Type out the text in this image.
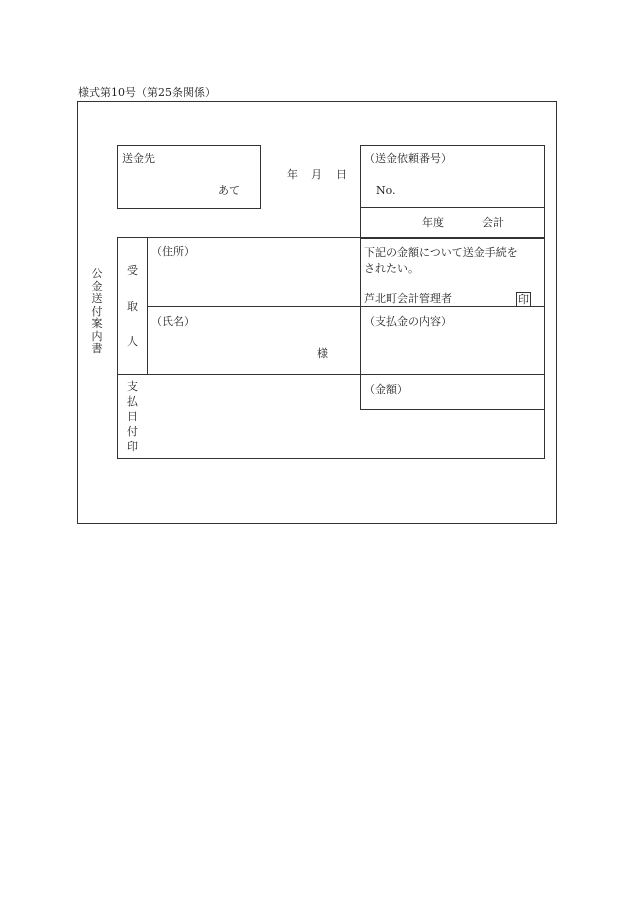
様式第10号（第25条関係）
公金送付案内書
送金先
あて
年 月 日
（送金依頼番号）
No.
年度	会計
受
取
人
（住所）
（氏名）
様
下記の金額について送金手続を
されたい。
芦北町会計管理者	印
（支払金の内容）
（金額）
支
払
日
付
印
